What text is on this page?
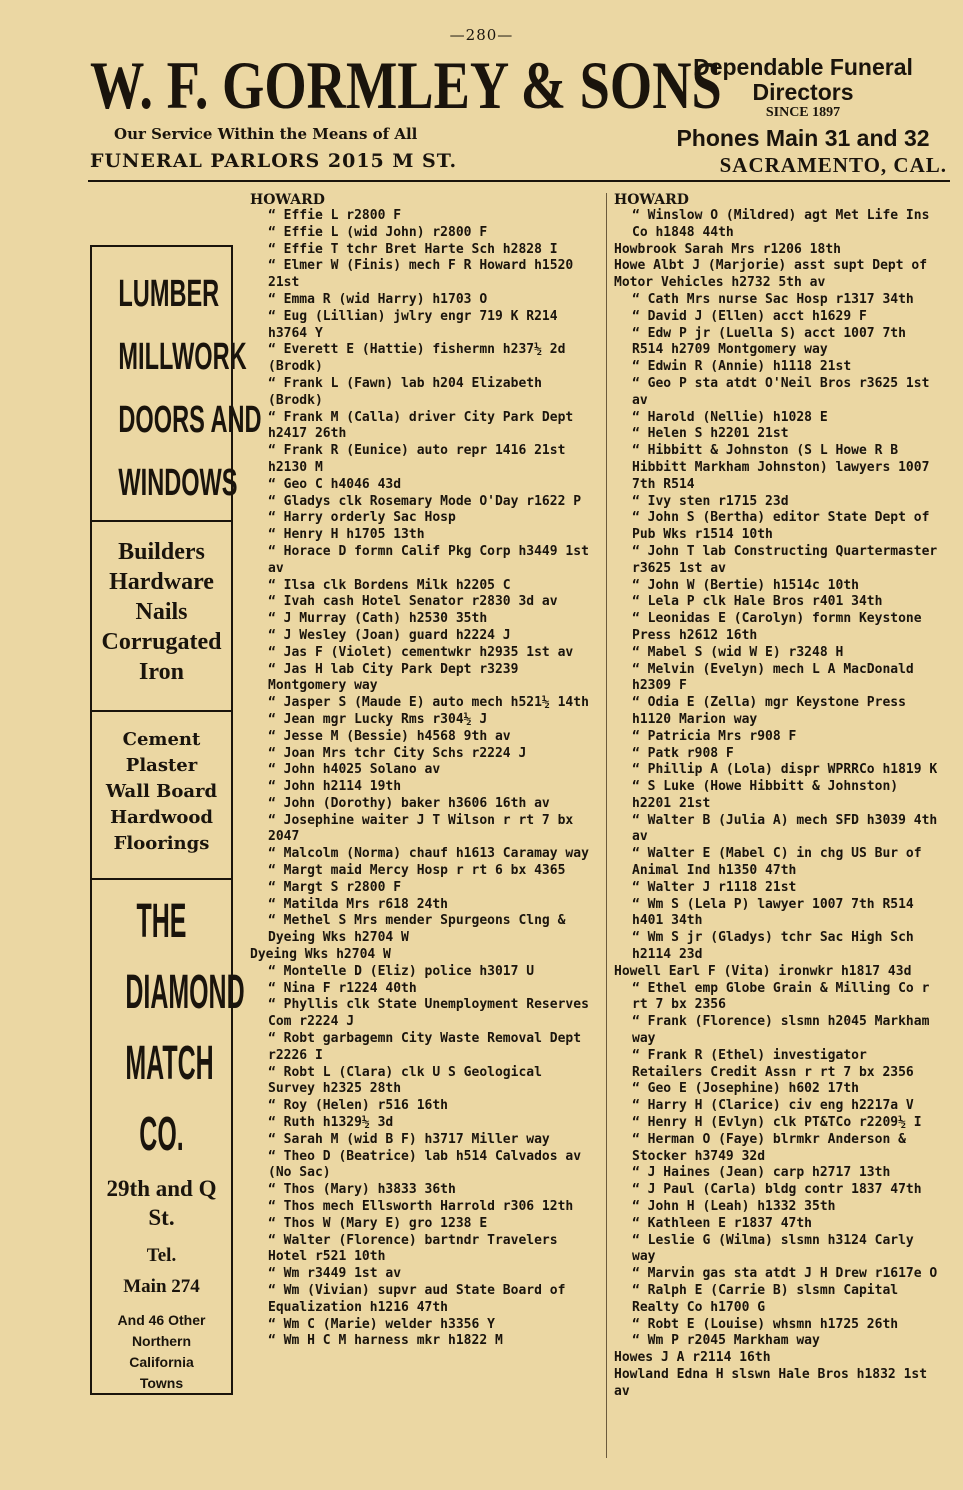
—280—
W. F. GORMLEY & SONS
Our Service Within the Means of All
FUNERAL PARLORS 2015 M ST.
Dependable Funeral
Directors
SINCE 1897
Phones Main 31 and 32
SACRAMENTO, CAL.
LUMBER
MILLWORK
DOORS AND
WINDOWS
Builders
Hardware
Nails
Corrugated
Iron
Cement
Plaster
Wall Board
Hardwood
Floorings
THE
DIAMOND
MATCH
CO.
29th and Q
St.
Tel.
Main 274
And 46 Other
Northern
California
Towns
HOWARD
“ Effie L r2800 F
“ Effie L (wid John) r2800 F
“ Effie T tchr Bret Harte Sch h2828 I
“ Elmer W (Finis) mech F R Howard h1520 21st
“ Emma R (wid Harry) h1703 O
“ Eug (Lillian) jwlry engr 719 K R214 h3764 Y
“ Everett E (Hattie) fishermn h237½ 2d (Brodk)
“ Frank L (Fawn) lab h204 Elizabeth (Brodk)
“ Frank M (Calla) driver City Park Dept h2417 26th
“ Frank R (Eunice) auto repr 1416 21st h2130 M
“ Geo C h4046 43d
“ Gladys clk Rosemary Mode O'Day r1622 P
“ Harry orderly Sac Hosp
“ Henry H h1705 13th
“ Horace D formn Calif Pkg Corp h3449 1st av
“ Ilsa clk Bordens Milk h2205 C
“ Ivah cash Hotel Senator r2830 3d av
“ J Murray (Cath) h2530 35th
“ J Wesley (Joan) guard h2224 J
“ Jas F (Violet) cementwkr h2935 1st av
“ Jas H lab City Park Dept r3239 Montgomery way
“ Jasper S (Maude E) auto mech h521½ 14th
“ Jean mgr Lucky Rms r304½ J
“ Jesse M (Bessie) h4568 9th av
“ Joan Mrs tchr City Schs r2224 J
“ John h4025 Solano av
“ John h2114 19th
“ John (Dorothy) baker h3606 16th av
“ Josephine waiter J T Wilson r rt 7 bx 2047
“ Malcolm (Norma) chauf h1613 Caramay way
“ Margt maid Mercy Hosp r rt 6 bx 4365
“ Margt S r2800 F
“ Matilda Mrs r618 24th
“ Methel S Mrs mender Spurgeons Clng & Dyeing Wks h2704 W
Dyeing Wks h2704 W
“ Montelle D (Eliz) police h3017 U
“ Nina F r1224 40th
“ Phyllis clk State Unemployment Reserves Com r2224 J
“ Robt garbagemn City Waste Removal Dept r2226 I
“ Robt L (Clara) clk U S Geological Survey h2325 28th
“ Roy (Helen) r516 16th
“ Ruth h1329½ 3d
“ Sarah M (wid B F) h3717 Miller way
“ Theo D (Beatrice) lab h514 Calvados av (No Sac)
“ Thos (Mary) h3833 36th
“ Thos mech Ellsworth Harrold r306 12th
“ Thos W (Mary E) gro 1238 E
“ Walter (Florence) bartndr Travelers Hotel r521 10th
“ Wm r3449 1st av
“ Wm (Vivian) supvr aud State Board of Equalization h1216 47th
“ Wm C (Marie) welder h3356 Y
“ Wm H C M harness mkr h1822 M
HOWARD
“ Winslow O (Mildred) agt Met Life Ins Co h1848 44th
Howbrook Sarah Mrs r1206 18th
Howe Albt J (Marjorie) asst supt Dept of Motor Vehicles h2732 5th av
“ Cath Mrs nurse Sac Hosp r1317 34th
“ David J (Ellen) acct h1629 F
“ Edw P jr (Luella S) acct 1007 7th R514 h2709 Montgomery way
“ Edwin R (Annie) h1118 21st
“ Geo P sta atdt O'Neil Bros r3625 1st av
“ Harold (Nellie) h1028 E
“ Helen S h2201 21st
“ Hibbitt & Johnston (S L Howe R B Hibbitt Markham Johnston) lawyers 1007 7th R514
“ Ivy sten r1715 23d
“ John S (Bertha) editor State Dept of Pub Wks r1514 10th
“ John T lab Constructing Quartermaster r3625 1st av
“ John W (Bertie) h1514c 10th
“ Lela P clk Hale Bros r401 34th
“ Leonidas E (Carolyn) formn Keystone Press h2612 16th
“ Mabel S (wid W E) r3248 H
“ Melvin (Evelyn) mech L A MacDonald h2309 F
“ Odia E (Zella) mgr Keystone Press h1120 Marion way
“ Patricia Mrs r908 F
“ Patk r908 F
“ Phillip A (Lola) dispr WPRRCo h1819 K
“ S Luke (Howe Hibbitt & Johnston) h2201 21st
“ Walter B (Julia A) mech SFD h3039 4th av
“ Walter E (Mabel C) in chg US Bur of Animal Ind h1350 47th
“ Walter J r1118 21st
“ Wm S (Lela P) lawyer 1007 7th R514 h401 34th
“ Wm S jr (Gladys) tchr Sac High Sch h2114 23d
Howell Earl F (Vita) ironwkr h1817 43d
“ Ethel emp Globe Grain & Milling Co r rt 7 bx 2356
“ Frank (Florence) slsmn h2045 Markham way
“ Frank R (Ethel) investigator Retailers Credit Assn r rt 7 bx 2356
“ Geo E (Josephine) h602 17th
“ Harry H (Clarice) civ eng h2217a V
“ Henry H (Evlyn) clk PT&TCo r2209½ I
“ Herman O (Faye) blrmkr Anderson & Stocker h3749 32d
“ J Haines (Jean) carp h2717 13th
“ J Paul (Carla) bldg contr 1837 47th
“ John H (Leah) h1332 35th
“ Kathleen E r1837 47th
“ Leslie G (Wilma) slsmn h3124 Carly way
“ Marvin gas sta atdt J H Drew r1617e O
“ Ralph E (Carrie B) slsmn Capital Realty Co h1700 G
“ Robt E (Louise) whsmn h1725 26th
“ Wm P r2045 Markham way
Howes J A r2114 16th
Howland Edna H slswn Hale Bros h1832 1st av
